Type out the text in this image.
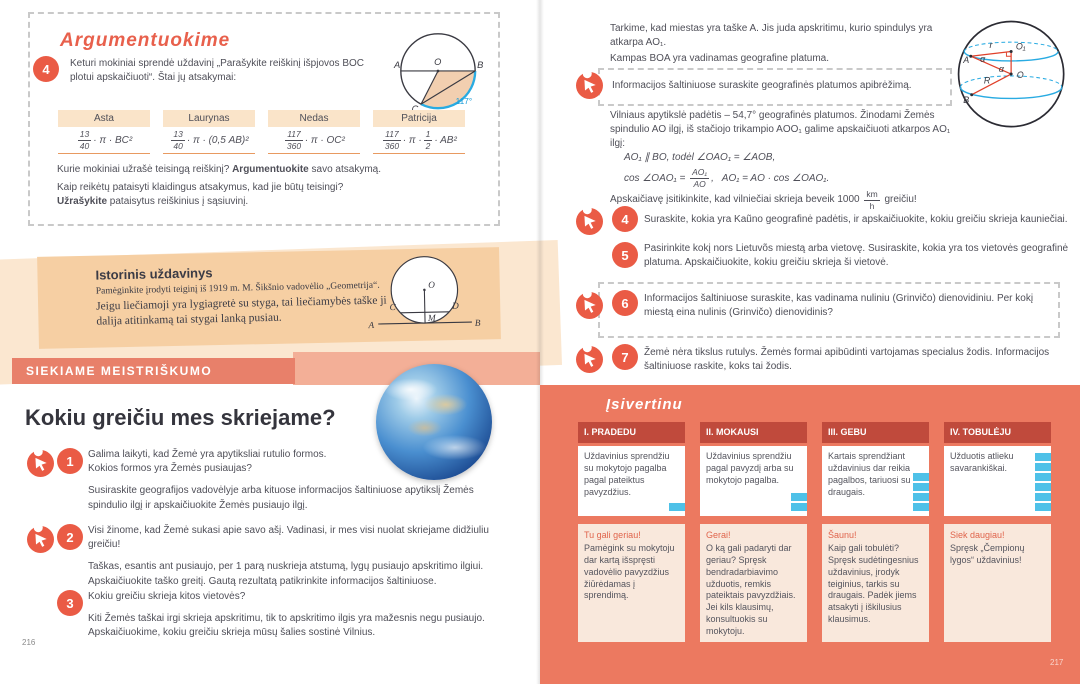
Argumentuokime
4	Keturi mokiniai sprendė uždavinį „Parašykite reiškinį išpjovos BOC plotui apskaičiuoti“. Štai jų atsakymai:

A	B
O
117°
Asta
$\frac{13}{40} \cdot \pi \cdot BC^2$
Laurynas
$\frac{13}{40} \cdot \pi \cdot (0,5$ AB)²
Nedas
$\frac{117}{360} \cdot \pi \cdot OC^2$
Patricija
$\frac{117}{360} \cdot \pi \cdot \frac{1}{2} \cdot AB^2$

Kurie mokiniai užrašė teisingą reiškinį? Argumentuokite savo atsakymą.

Kaip reikėtų pataisyti klaidingus atsakymus, kad jie būtų teisingi?
Užrašykite pataisytus reiškinius į sąsiuvinį.

Istorinis uždavinys

Pamėginkite įrodyti teiginį iš 1919 m. M. Šikšnio vadovėlio „Geometrija“.

Jeigu liečiamoji yra lygiagretė su styga, tai liečiamybės taške ji dalija atitinkamą tai stygai lanką pusiau.

O
C	D
M
A	B
SIEKIAME MEISTRIŠKUMO
Kokiu greičiu mes skriejame?
1	Galima laikyti, kad Žemė yra apytiksliai rutulio formos. Kokios formos yra Žemės pusiaujas?

Susiraskite geografijos vadovėlyje arba kituose informacijos šaltiniuose apytikslį Žemės spindulio ilgį ir apskaičiuokite Žemės pusiaujo ilgį.

2	Visi žinome, kad Žemė sukasi apie savo ašį. Vadinasi, ir mes visi nuolat skriejame didžiuliu greičiu!

Taškas, esantis ant pusiaujo, per 1 parą nuskrieja atstumą, lygų pusiaujo apskritimo ilgiui. Apskaičiuokite taško greitį. Gautą rezultatą patikrinkite informacijos šaltiniuose.

3	Kokiu greičiu skrieja kitos vietovės?

Kiti Žemės taškai irgi skrieja apskritimu, tik to apskritimo ilgis yra mažesnis negu pusiaujo. Apskaičiuokime, kokiu greičiu skrieja mūsų šalies sostinė Vilnius.

216

Tarkime, kad miestas yra taške A. Jis juda apskritimu, kurio spindulys yra atkarpa AO₁.

Kampas BOA yra vadinamas geografine platuma.	A
B
O
O₁
r
R
α
α

Informacijos šaltiniuose suraskite geografinės platumos apibrėžimą.

Vilniaus apytikslė padėtis – 54,7° geografinės platumos. Žinodami Žemės spindulio AO ilgį, iš stačiojo trikampio AOO₁ galime apskaičiuoti atkarpos AO₁ ilgį:

AO₁ ∥ BO, todėl ∠OAO₁ = ∠AOB,

cos ∠OAO₁ = $\frac{\text{AO₁}}{AO}$ ,   AO₁ = AO · cos ∠OAO₁.

Apskaičiavę įsitikinkite, kad vilniečiai skrieja beveik $1000 \frac{km}{h}$ greičiu!

4	Suraskite, kokia yra Kaũno geografinė padėtis, ir apskaičiuokite, kokiu greičiu skrieja kauniečiai.

5	Pasirinkite kokį nors Lietuvõs miestą arba vietovę. Susiraskite, kokia yra tos vietovės geografinė platuma. Apskaičiuokite, kokiu greičiu skrieja ši vietovė.

6	Informacijos šaltiniuose suraskite, kas vadinama nuliniu (Grinvičo) dienovidiniu. Per kokį miestą eina nulinis (Grinvičo) dienovidinis?

7	Žemė nėra tikslus rutulys. Žemės formai apibūdinti vartojamas specialus žodis. Informacijos šaltiniuose raskite, koks tai žodis.

Įsivertinu
I. PRADEDU
Uždavinius sprendžiu su mokytojo pagalba pagal pateiktus pavyzdžius.
Tu gali geriau!
Pamėgink su mokytoju dar kartą išspręsti vadovėlio pavyzdžius žiūrėdamas į sprendimą.
II. MOKAUSI
Uždavinius sprendžiu pagal pavyzdį arba su mokytojo pagalba.
Gerai!
O ką gali padaryti dar geriau? Spręsk bendradarbiavimo užduotis, remkis pateiktais pavyzdžiais. Jei kils klausimų, konsultuokis su mokytoju.
III. GEBU
Kartais sprendžiant uždavinius dar reikia pagalbos, tariuosi su draugais.
Šaunu!
Kaip gali tobulėti? Spręsk sudėtingesnius uždavinius, įrodyk teiginius, tarkis su draugais. Padėk jiems atsakyti į iškilusius klausimus.
IV. TOBULĖJU
Užduotis atlieku savarankiškai.
Siek daugiau!
Spręsk „Čempionų lygos“ uždavinius!
217
